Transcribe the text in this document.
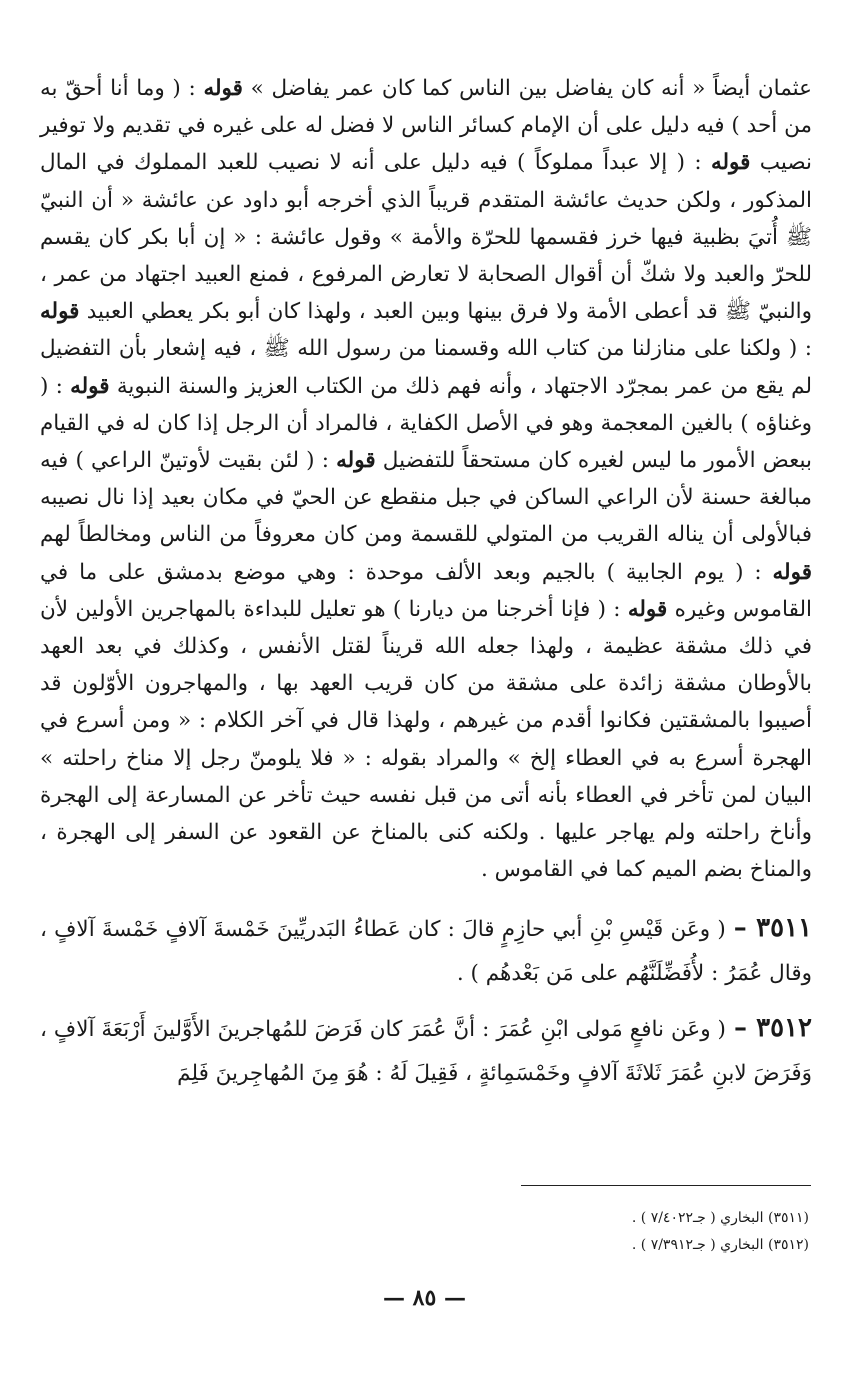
عثمان أيضاً « أنه كان يفاضل بين الناس كما كان عمر يفاضل » قوله : ( وما أنا أحقّ به من أحد ) فيه دليل على أن الإمام كسائر الناس لا فضل له على غيره في تقديم ولا توفير نصيب قوله : ( إلا عبداً مملوكاً ) فيه دليل على أنه لا نصيب للعبد المملوك في المال المذكور ، ولكن حديث عائشة المتقدم قريباً الذي أخرجه أبو داود عن عائشة « أن النبيّ ﷺ أُتيَ بظبية فيها خرز فقسمها للحرّة والأمة » وقول عائشة : « إن أبا بكر كان يقسم للحرّ والعبد ولا شكّ أن أقوال الصحابة لا تعارض المرفوع ، فمنع العبيد اجتهاد من عمر ، والنبيّ ﷺ قد أعطى الأمة ولا فرق بينها وبين العبد ، ولهذا كان أبو بكر يعطي العبيد قوله : ( ولكنا على منازلنا من كتاب الله وقسمنا من رسول الله ﷺ ، فيه إشعار بأن التفضيل لم يقع من عمر بمجرّد الاجتهاد ، وأنه فهم ذلك من الكتاب العزيز والسنة النبوية قوله : ( وغناؤه ) بالغين المعجمة وهو في الأصل الكفاية ، فالمراد أن الرجل إذا كان له في القيام ببعض الأمور ما ليس لغيره كان مستحقاً للتفضيل قوله : ( لئن بقيت لأوتينّ الراعي ) فيه مبالغة حسنة لأن الراعي الساكن في جبل منقطع عن الحيّ في مكان بعيد إذا نال نصيبه فبالأولى أن يناله القريب من المتولي للقسمة ومن كان معروفاً من الناس ومخالطاً لهم قوله : ( يوم الجابية ) بالجيم وبعد الألف موحدة : وهي موضع بدمشق على ما في القاموس وغيره قوله : ( فإنا أخرجنا من ديارنا ) هو تعليل للبداءة بالمهاجرين الأولين لأن في ذلك مشقة عظيمة ، ولهذا جعله الله قريناً لقتل الأنفس ، وكذلك في بعد العهد بالأوطان مشقة زائدة على مشقة من كان قريب العهد بها ، والمهاجرون الأوّلون قد أصيبوا بالمشقتين فكانوا أقدم من غيرهم ، ولهذا قال في آخر الكلام : « ومن أسرع في الهجرة أسرع به في العطاء إلخ » والمراد بقوله : « فلا يلومنّ رجل إلا مناخ راحلته » البيان لمن تأخر في العطاء بأنه أتى من قبل نفسه حيث تأخر عن المسارعة إلى الهجرة وأناخ راحلته ولم يهاجر عليها . ولكنه كنى بالمناخ عن القعود عن السفر إلى الهجرة ، والمناخ بضم الميم كما في القاموس .

٣٥١١ –( وعَن قَيْسِ بْنِ أبي حازِمٍ قالَ : كان عَطاءُ البَدريِّينَ خَمْسةَ آلافٍ خَمْسةَ آلافٍ ، وقال عُمَرُ : لأُفَضِّلَنَّهُم على مَن بَعْدهُم ) .

٣٥١٢ –( وعَن نافعٍ مَولى ابْنِ عُمَرَ : أنَّ عُمَرَ كان فَرَضَ للمُهاجرينَ الأَوَّلينَ أَرْبَعَةَ آلافٍ ، وَفَرَضَ لابنِ عُمَرَ ثَلاثَةَ آلافٍ وخَمْسَمِائةٍ ، فَقِيلَ لَهُ : هُوَ مِنَ المُهاجِرينَ فَلِمَ

(٣٥١١) البخاري ( جـ٧/٤٠٢٢ ) .
(٣٥١٢) البخاري ( جـ٧/٣٩١٢ ) .
— ٨٥ —
